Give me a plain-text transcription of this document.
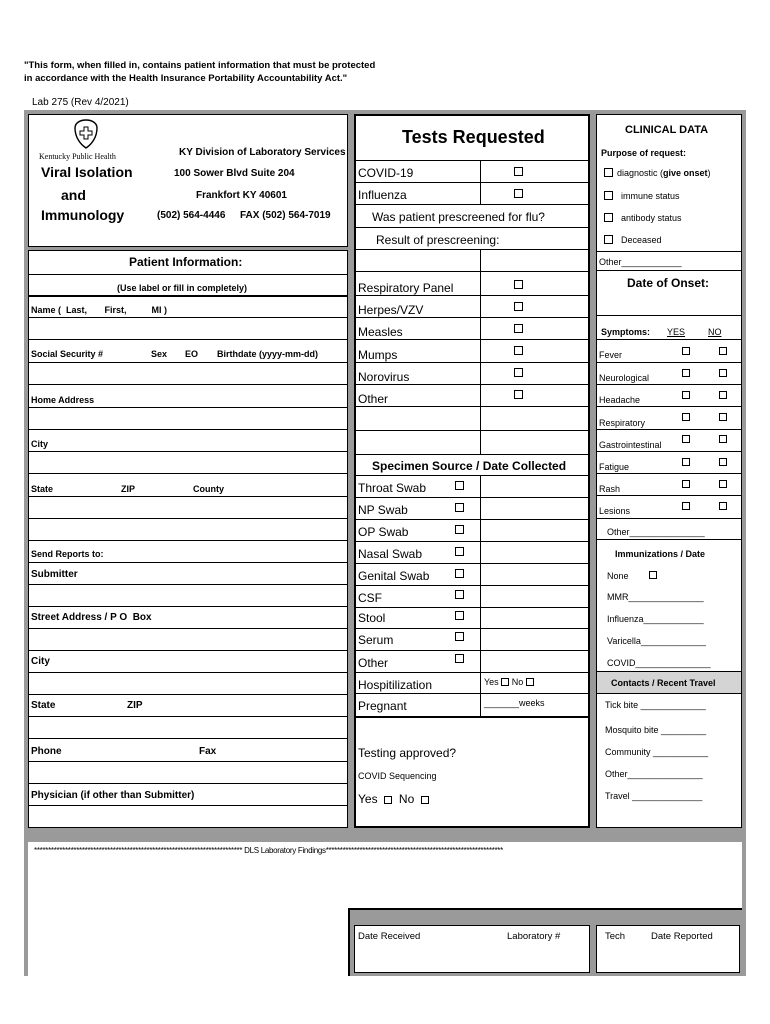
"This form, when filled in, contains patient information that must be protected
in accordance with the Health Insurance Portability Accountability Act."
Lab 275 (Rev 4/2021)
Kentucky Public Health
Viral Isolation
and
Immunology
KY Division of Laboratory Services
100 Sower Blvd Suite 204
Frankfort KY 40601
(502) 564-4446 FAX (502) 564-7019
Patient Information:
(Use label or fill in completely)
Name (  Last,       First,          MI )
Social Security #	Sex EO Birthdate (yyyy-mm-dd)
Home Address
City
State	ZIP	County
Send Reports to:
Submitter
Street Address / P O  Box
City
State	ZIP
Phone	Fax
Physician (if other than Submitter)
Tests Requested
COVID-19
Influenza
Was patient prescreened for flu?
Result of prescreening:
Respiratory Panel
Herpes/VZV
Measles
Mumps
Norovirus
Other
Specimen Source / Date Collected
Throat Swab
NP Swab
OP Swab
Nasal Swab
Genital Swab
CSF
Stool
Serum
Other
Hospitilization	Yes No
Pregnant	_______weeks
Testing approved?
COVID Sequencing
Yes No
CLINICAL DATA
Purpose of request:
diagnostic (give onset)
immune status
antibody status
Deceased
Other____________
Date of Onset:
Symptoms: YES	NO
Fever
Neurological
Headache
Respiratory
Gastrointestinal
Fatigue
Rash
Lesions
Other_______________
Immunizations / Date
None
MMR_______________
Influenza____________
Varicella_____________
COVID_______________
Contacts / Recent Travel
Tick bite _____________
Mosquito bite _________
Community ___________
Other_______________
Travel ______________
************************************************************************** DLS Laboratory Findings***************************************************************
Date Received	Laboratory #	Tech	Date Reported
